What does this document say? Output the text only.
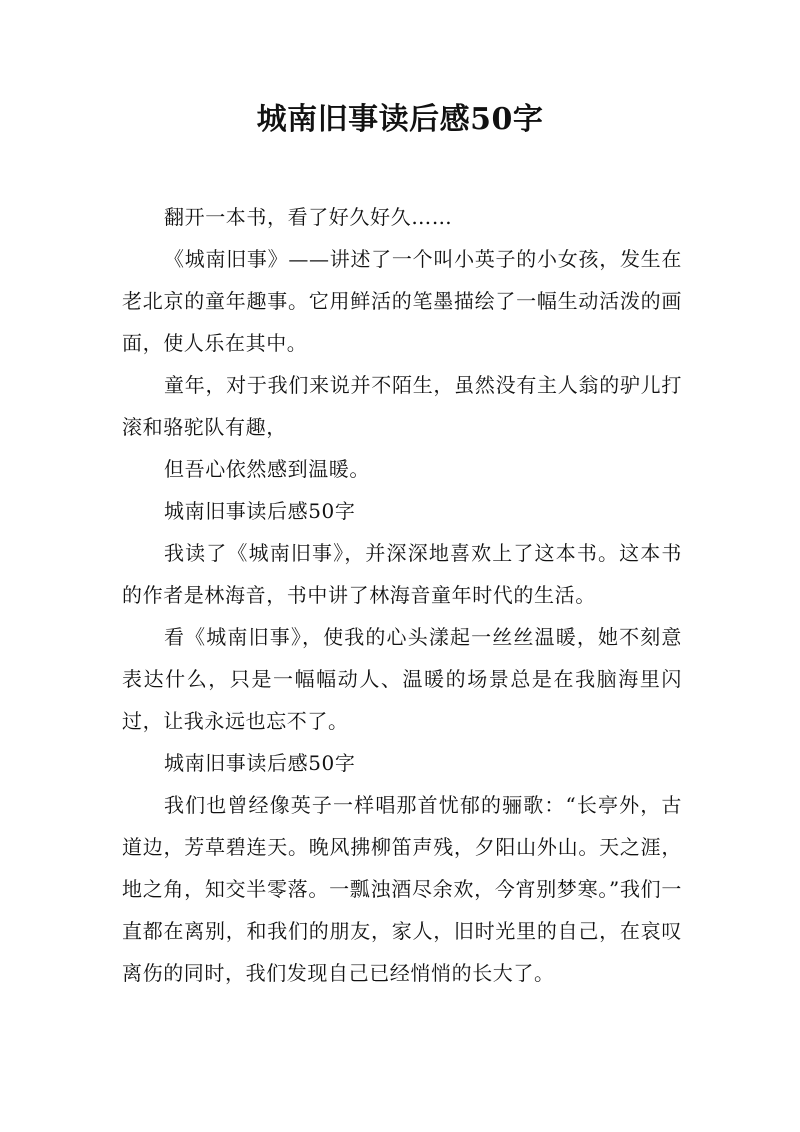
城南旧事读后感50字

翻开一本书，看了好久好久……

《城南旧事》——讲述了一个叫小英子的小女孩，发生在老北京的童年趣事。它用鲜活的笔墨描绘了一幅生动活泼的画面，使人乐在其中。

童年，对于我们来说并不陌生，虽然没有主人翁的驴儿打滚和骆驼队有趣，

但吾心依然感到温暖。

城南旧事读后感50字

我读了《城南旧事》，并深深地喜欢上了这本书。这本书的作者是林海音，书中讲了林海音童年时代的生活。

看《城南旧事》，使我的心头漾起一丝丝温暖，她不刻意表达什么，只是一幅幅动人、温暖的场景总是在我脑海里闪过，让我永远也忘不了。

城南旧事读后感50字

我们也曾经像英子一样唱那首忧郁的骊歌：“长亭外，古道边，芳草碧连天。晚风拂柳笛声残，夕阳山外山。天之涯，地之角，知交半零落。一瓢浊酒尽余欢，今宵别梦寒。”我们一直都在离别，和我们的朋友，家人，旧时光里的自己，在哀叹离伤的同时，我们发现自己已经悄悄的长大了。
